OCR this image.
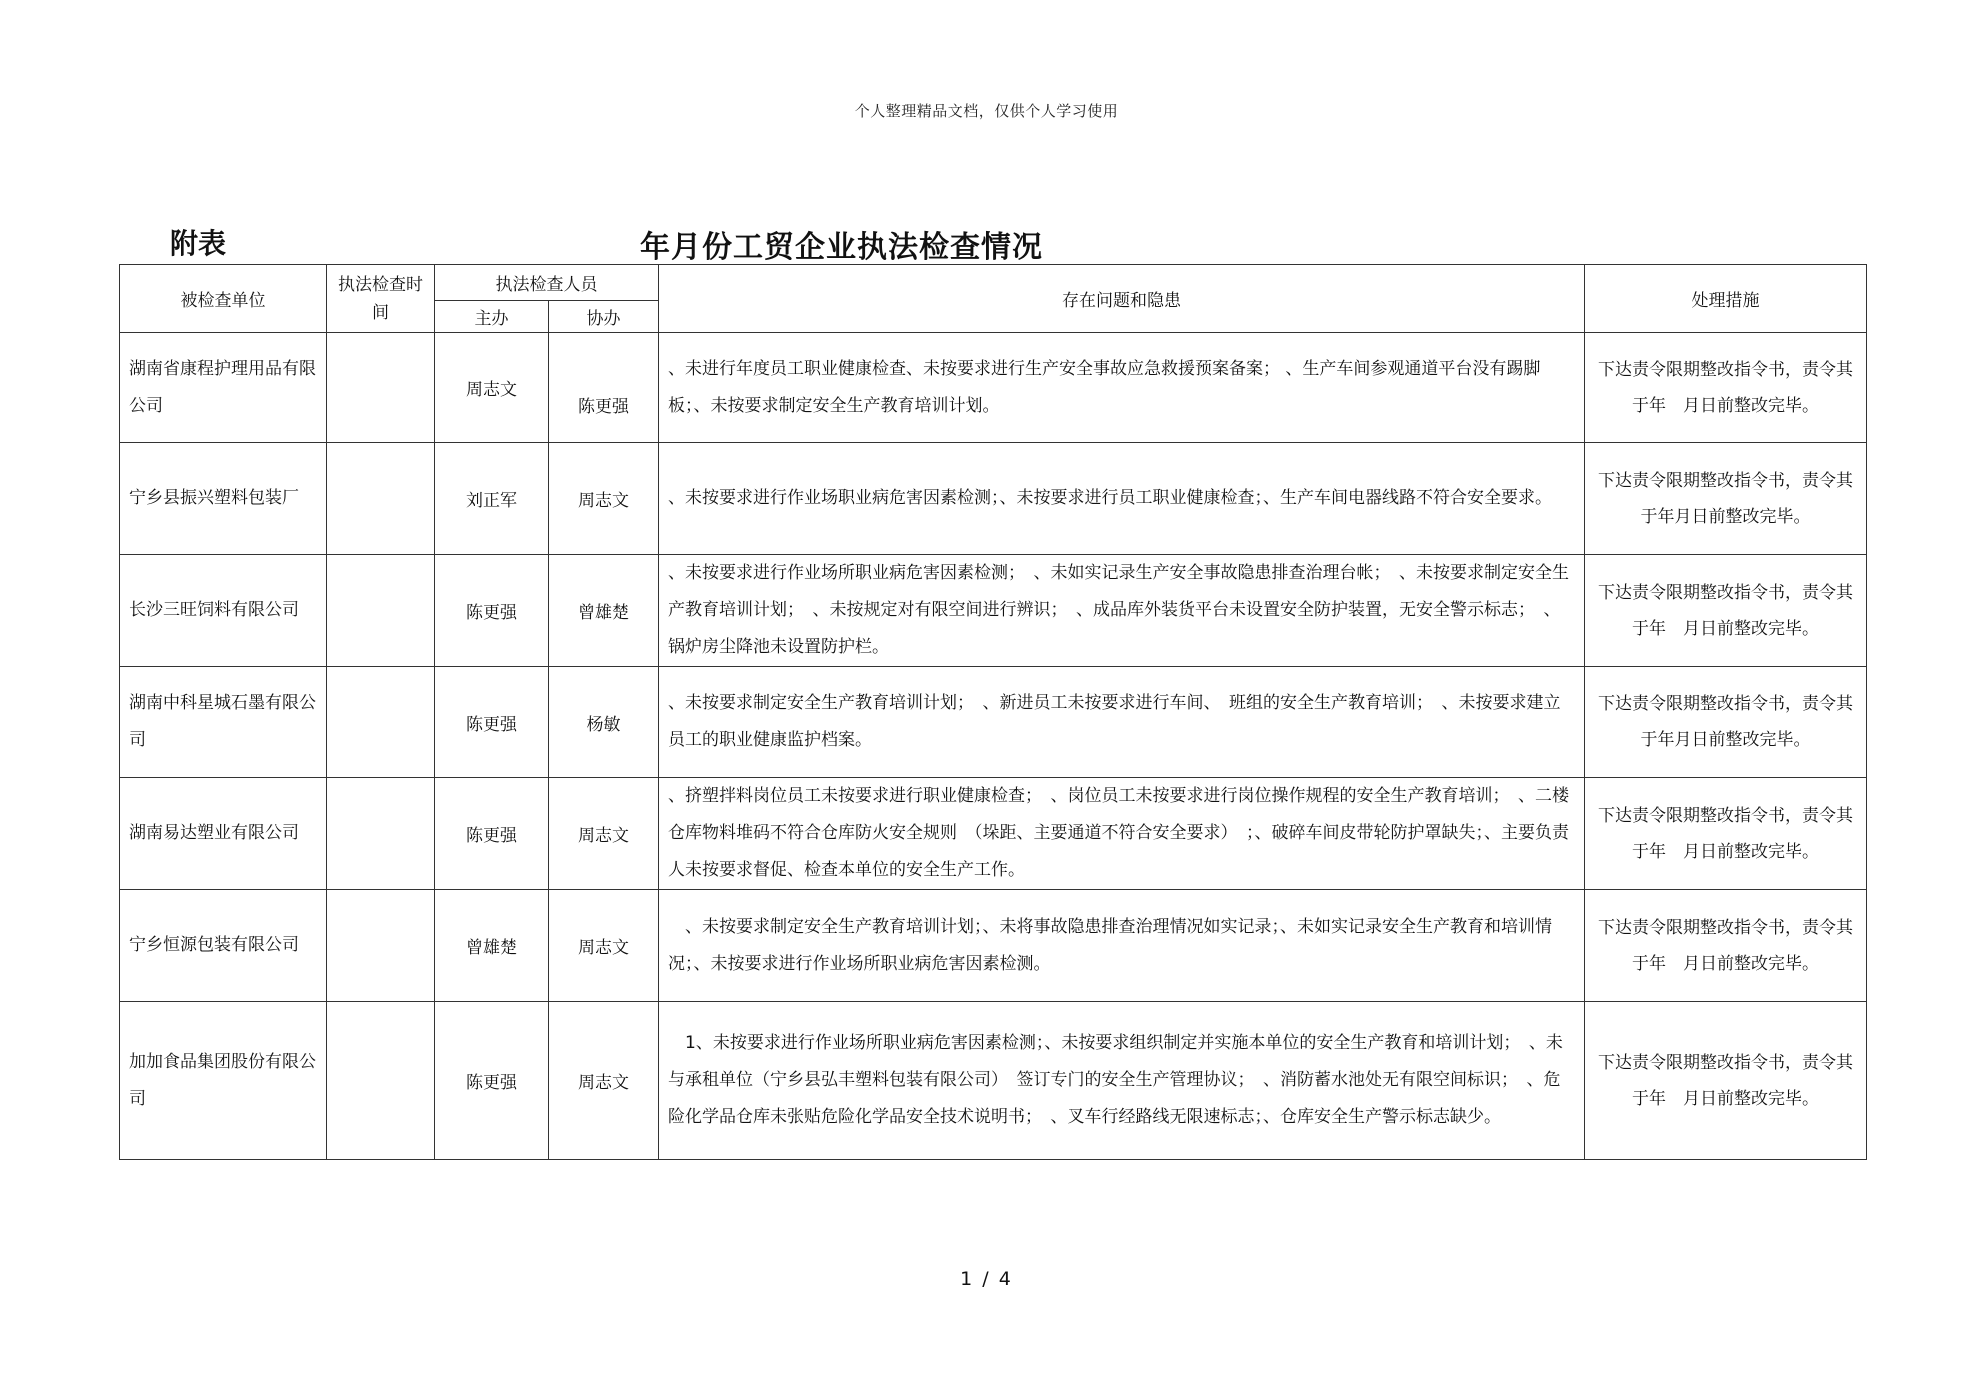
个人整理精品文档，仅供个人学习使用
附表	年月份工贸企业执法检查情况
被检查单位	执法检查时间	执法检查人员		存在问题和隐患	处理措施
		主办	协办		
湖南省康程护理用品有限公司		周志文	陈更强	、未进行年度员工职业健康检查、未按要求进行生产安全事故应急救援预案备案； 、生产车间参观通道平台没有踢脚板；、未按要求制定安全生产教育培训计划。	下达责令限期整改指令书，责令其于年　月日前整改完毕。
宁乡县振兴塑料包装厂		刘正军	周志文	、未按要求进行作业场职业病危害因素检测；、未按要求进行员工职业健康检查；、生产车间电器线路不符合安全要求。	下达责令限期整改指令书，责令其于年月日前整改完毕。
长沙三旺饲料有限公司		陈更强	曾雄楚	、未按要求进行作业场所职业病危害因素检测；　、未如实记录生产安全事故隐患排查治理台帐；　、未按要求制定安全生产教育培训计划；　、未按规定对有限空间进行辨识；　、成品库外装货平台未设置安全防护装置，无安全警示标志；　、锅炉房尘降池未设置防护栏。	下达责令限期整改指令书，责令其于年　月日前整改完毕。
湖南中科星城石墨有限公司		陈更强	杨敏	、未按要求制定安全生产教育培训计划；　、新进员工未按要求进行车间、　班组的安全生产教育培训；　、未按要求建立员工的职业健康监护档案。	下达责令限期整改指令书，责令其于年月日前整改完毕。
湖南易达塑业有限公司		陈更强	周志文	、挤塑拌料岗位员工未按要求进行职业健康检查；　、岗位员工未按要求进行岗位操作规程的安全生产教育培训；　、二楼仓库物料堆码不符合仓库防火安全规则　（垛距、主要通道不符合安全要求）　；、破碎车间皮带轮防护罩缺失；、主要负责人未按要求督促、检查本单位的安全生产工作。	下达责令限期整改指令书，责令其于年　月日前整改完毕。
宁乡恒源包装有限公司		曾雄楚	周志文	　、未按要求制定安全生产教育培训计划；、未将事故隐患排查治理情况如实记录；、未如实记录安全生产教育和培训情况；、未按要求进行作业场所职业病危害因素检测。	下达责令限期整改指令书，责令其于年　月日前整改完毕。
加加食品集团股份有限公司		陈更强	周志文	　1、未按要求进行作业场所职业病危害因素检测；、未按要求组织制定并实施本单位的安全生产教育和培训计划；　、未与承租单位（宁乡县弘丰塑料包装有限公司）　签订专门的安全生产管理协议；　、消防蓄水池处无有限空间标识；　、危险化学品仓库未张贴危险化学品安全技术说明书；　、叉车行经路线无限速标志；、仓库安全生产警示标志缺少。	下达责令限期整改指令书，责令其于年　月日前整改完毕。
1 / 4
